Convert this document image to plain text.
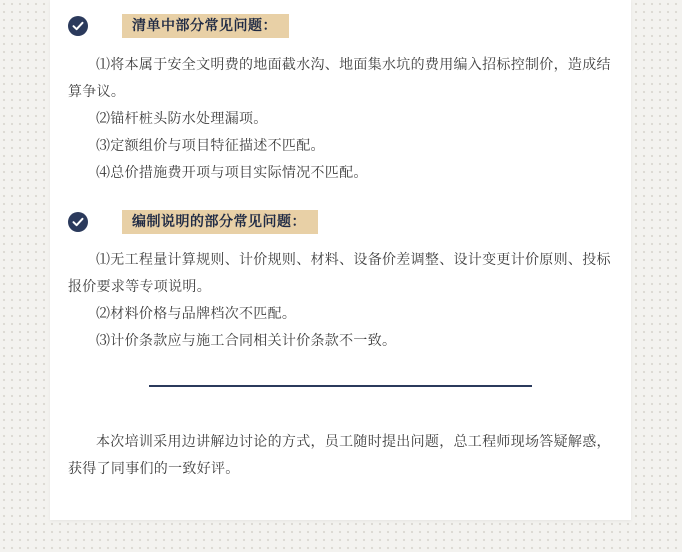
清单中部分常见问题：

⑴将本属于安全文明费的地面截水沟、地面集水坑的费用编入招标控制价，造成结算争议。

⑵锚杆桩头防水处理漏项。

⑶定额组价与项目特征描述不匹配。

⑷总价措施费开项与项目实际情况不匹配。

编制说明的部分常见问题：

⑴无工程量计算规则、计价规则、材料、设备价差调整、设计变更计价原则、投标报价要求等专项说明。

⑵材料价格与品牌档次不匹配。

⑶计价条款应与施工合同相关计价条款不一致。

本次培训采用边讲解边讨论的方式，员工随时提出问题，总工程师现场答疑解惑，获得了同事们的一致好评。
